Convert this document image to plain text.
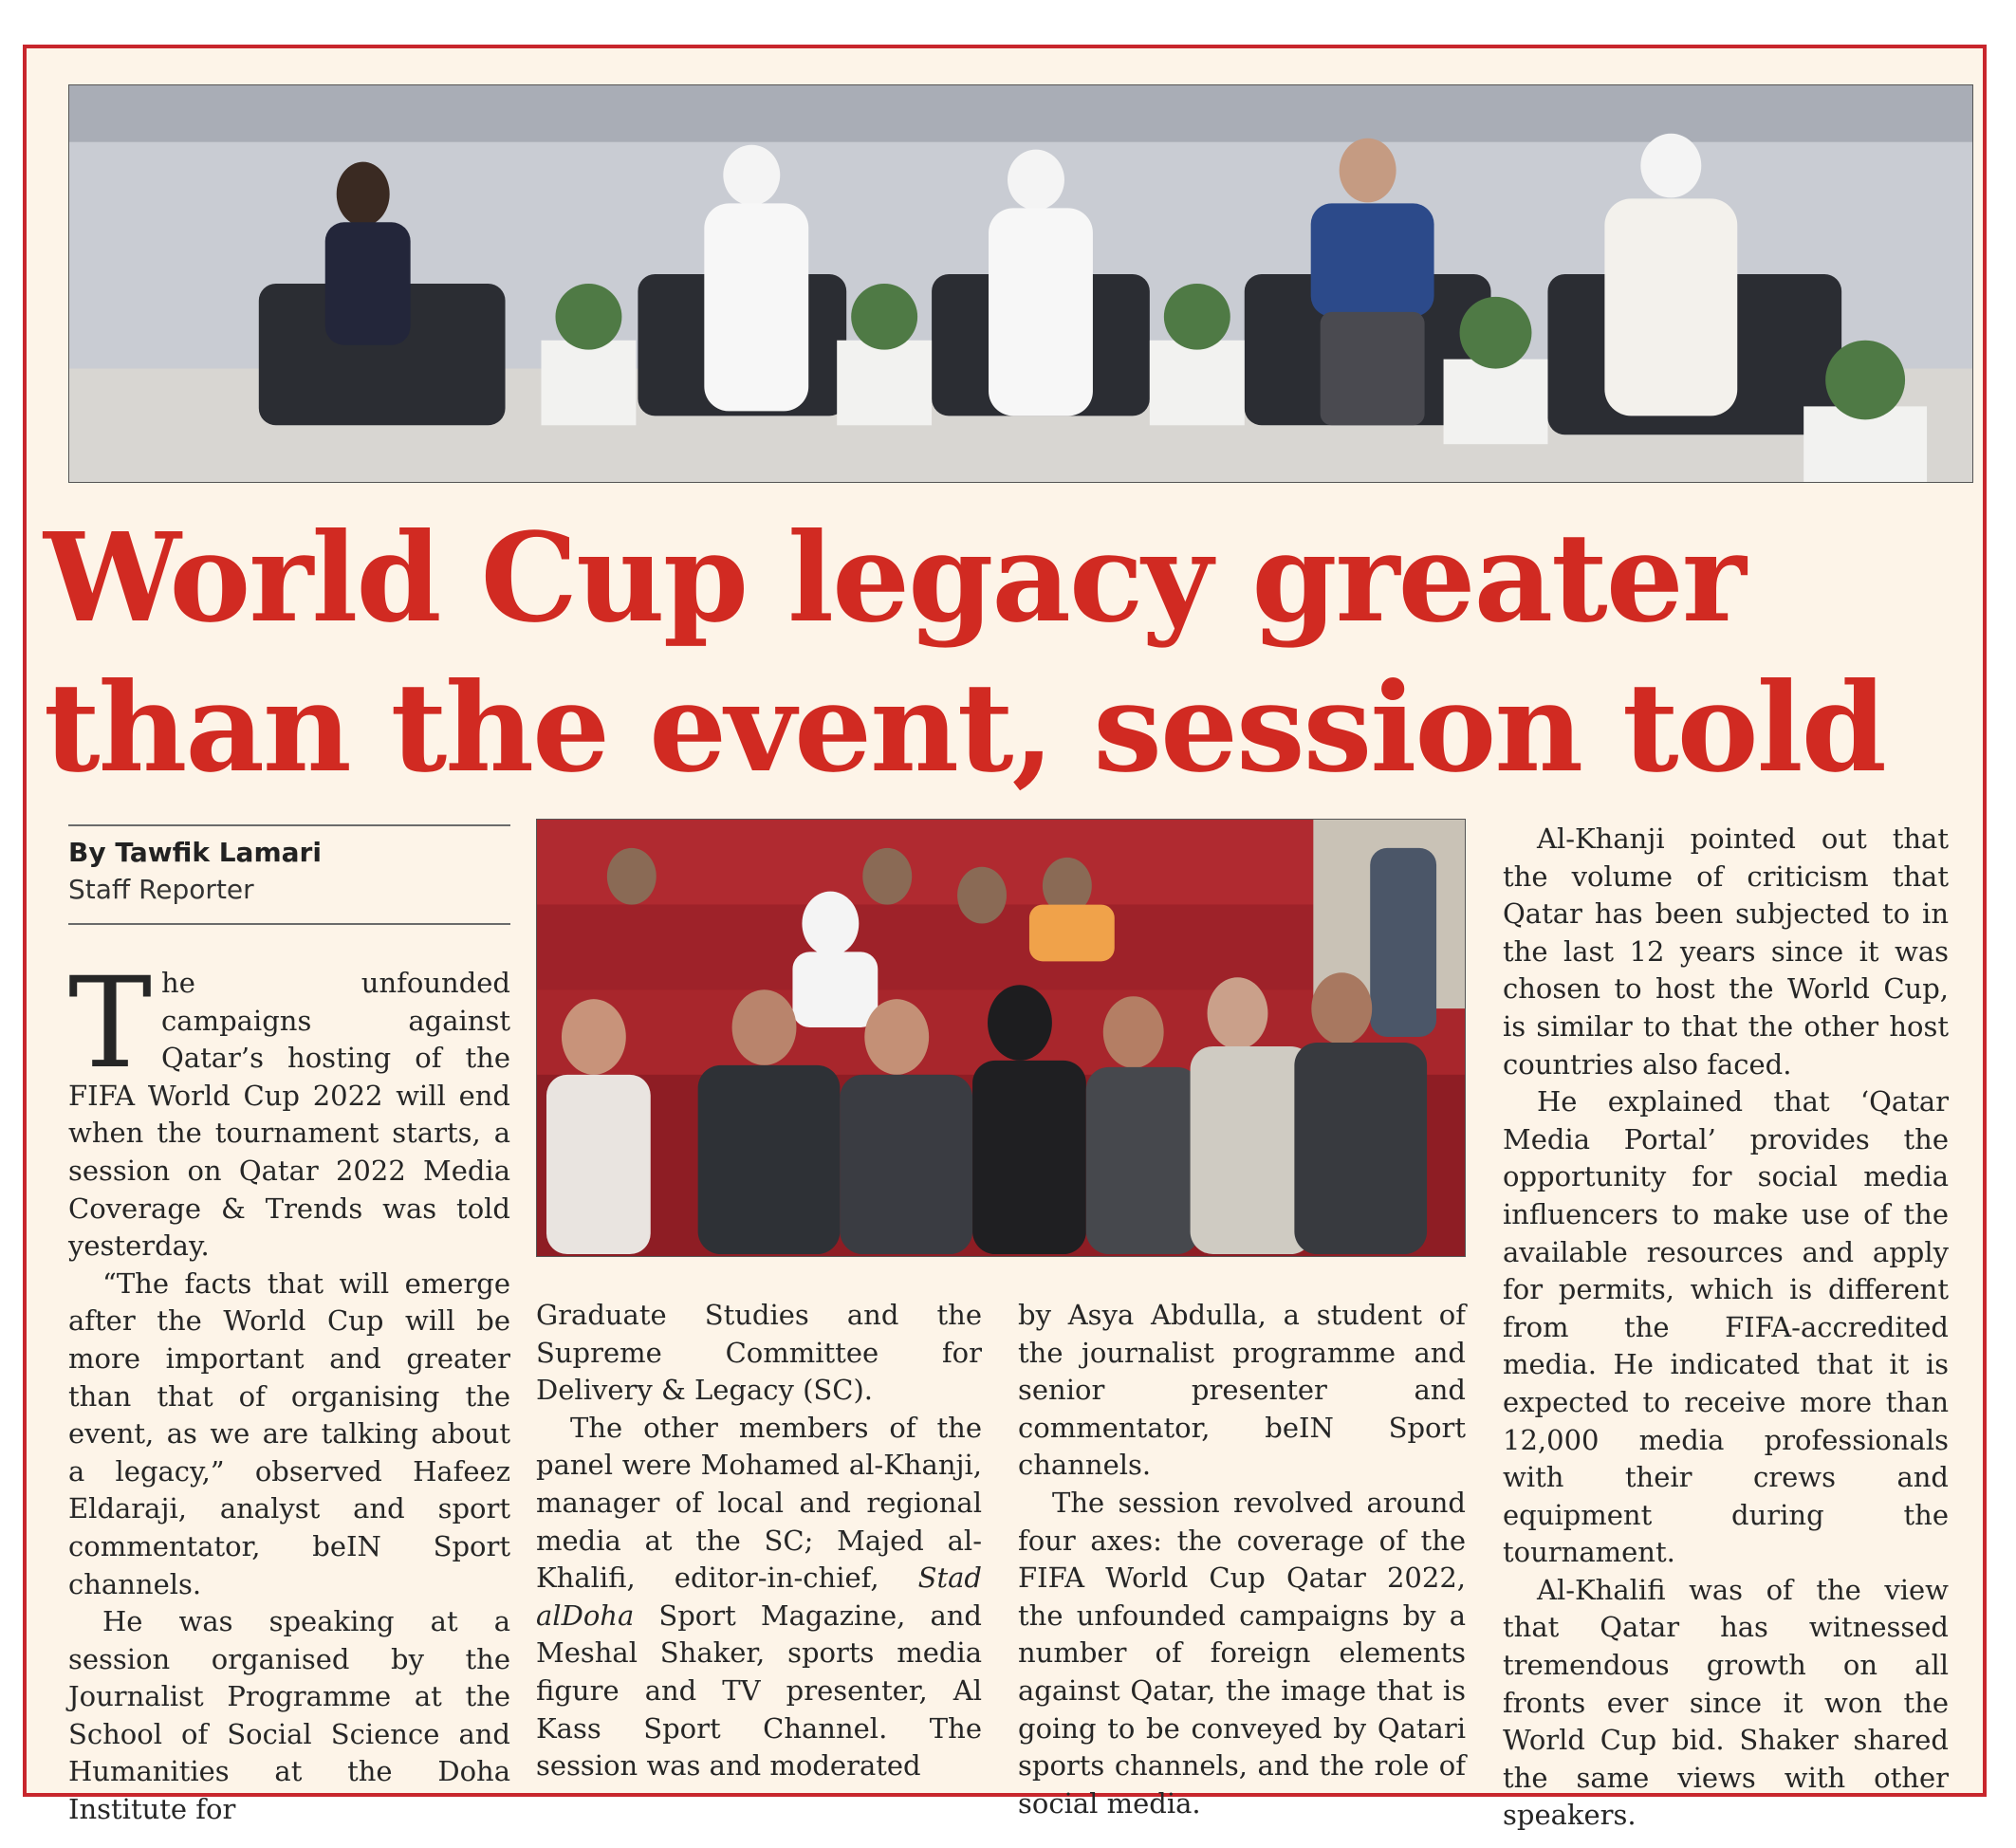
World Cup legacy greater
than the event, session told
By Tawfik Lamari
Staff Reporter

The unfounded campaigns against Qatar’s hosting of the FIFA World Cup 2022 will end when the tournament starts, a session on Qatar 2022 Media Coverage & Trends was told yesterday.

“The facts that will emerge after the World Cup will be more important and greater than that of organising the event, as we are talking about a legacy,” observed Hafeez Eldaraji, analyst and sport commentator, beIN Sport channels.

He was speaking at a session organised by the Journalist Programme at the School of Social Science and Humanities at the Doha Institute for

Graduate Studies and the Supreme Committee for Delivery & Legacy (SC).

The other members of the panel were Mohamed al-Khanji, manager of local and regional media at the SC; Majed al-Khalifi, editor-in-chief, Stad alDoha Sport Magazine, and Meshal Shaker, sports media figure and TV presenter, Al Kass Sport Channel. The session was and moderated

by Asya Abdulla, a student of the journalist programme and senior presenter and commentator, beIN Sport channels.

The session revolved around four axes: the coverage of the FIFA World Cup Qatar 2022, the unfounded campaigns by a number of foreign elements against Qatar, the image that is going to be conveyed by Qatari sports channels, and the role of social media.

Al-Khanji pointed out that the volume of criticism that Qatar has been subjected to in the last 12 years since it was chosen to host the World Cup, is similar to that the other host countries also faced.

He explained that ‘Qatar Media Portal’ provides the opportunity for social media influencers to make use of the available resources and apply for permits, which is different from the FIFA-accredited media. He indicated that it is expected to receive more than 12,000 media professionals with their crews and equipment during the tournament.

Al-Khalifi was of the view that Qatar has witnessed tremendous growth on all fronts ever since it won the World Cup bid. Shaker shared the same views with other speakers.
